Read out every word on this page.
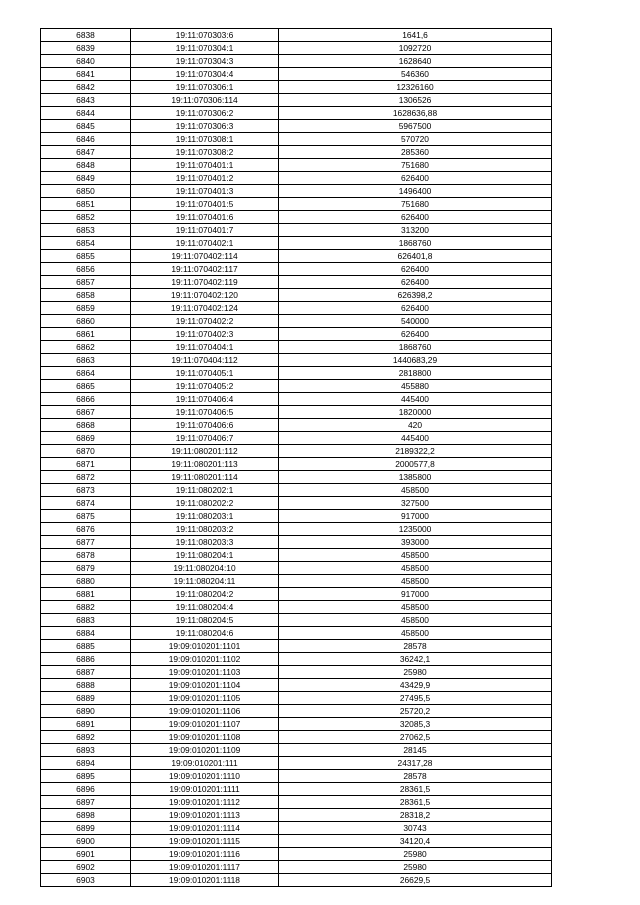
6838	19:11:070303:6	1641,6
6839	19:11:070304:1	1092720
6840	19:11:070304:3	1628640
6841	19:11:070304:4	546360
6842	19:11:070306:1	12326160
6843	19:11:070306:114	1306526
6844	19:11:070306:2	1628636,88
6845	19:11:070306:3	5967500
6846	19:11:070308:1	570720
6847	19:11:070308:2	285360
6848	19:11:070401:1	751680
6849	19:11:070401:2	626400
6850	19:11:070401:3	1496400
6851	19:11:070401:5	751680
6852	19:11:070401:6	626400
6853	19:11:070401:7	313200
6854	19:11:070402:1	1868760
6855	19:11:070402:114	626401,8
6856	19:11:070402:117	626400
6857	19:11:070402:119	626400
6858	19:11:070402:120	626398,2
6859	19:11:070402:124	626400
6860	19:11:070402:2	540000
6861	19:11:070402:3	626400
6862	19:11:070404:1	1868760
6863	19:11:070404:112	1440683,29
6864	19:11:070405:1	2818800
6865	19:11:070405:2	455880
6866	19:11:070406:4	445400
6867	19:11:070406:5	1820000
6868	19:11:070406:6	420
6869	19:11:070406:7	445400
6870	19:11:080201:112	2189322,2
6871	19:11:080201:113	2000577,8
6872	19:11:080201:114	1385800
6873	19:11:080202:1	458500
6874	19:11:080202:2	327500
6875	19:11:080203:1	917000
6876	19:11:080203:2	1235000
6877	19:11:080203:3	393000
6878	19:11:080204:1	458500
6879	19:11:080204:10	458500
6880	19:11:080204:11	458500
6881	19:11:080204:2	917000
6882	19:11:080204:4	458500
6883	19:11:080204:5	458500
6884	19:11:080204:6	458500
6885	19:09:010201:1101	28578
6886	19:09:010201:1102	36242,1
6887	19:09:010201:1103	25980
6888	19:09:010201:1104	43429,9
6889	19:09:010201:1105	27495,5
6890	19:09:010201:1106	25720,2
6891	19:09:010201:1107	32085,3
6892	19:09:010201:1108	27062,5
6893	19:09:010201:1109	28145
6894	19:09:010201:111	24317,28
6895	19:09:010201:1110	28578
6896	19:09:010201:1111	28361,5
6897	19:09:010201:1112	28361,5
6898	19:09:010201:1113	28318,2
6899	19:09:010201:1114	30743
6900	19:09:010201:1115	34120,4
6901	19:09:010201:1116	25980
6902	19:09:010201:1117	25980
6903	19:09:010201:1118	26629,5
